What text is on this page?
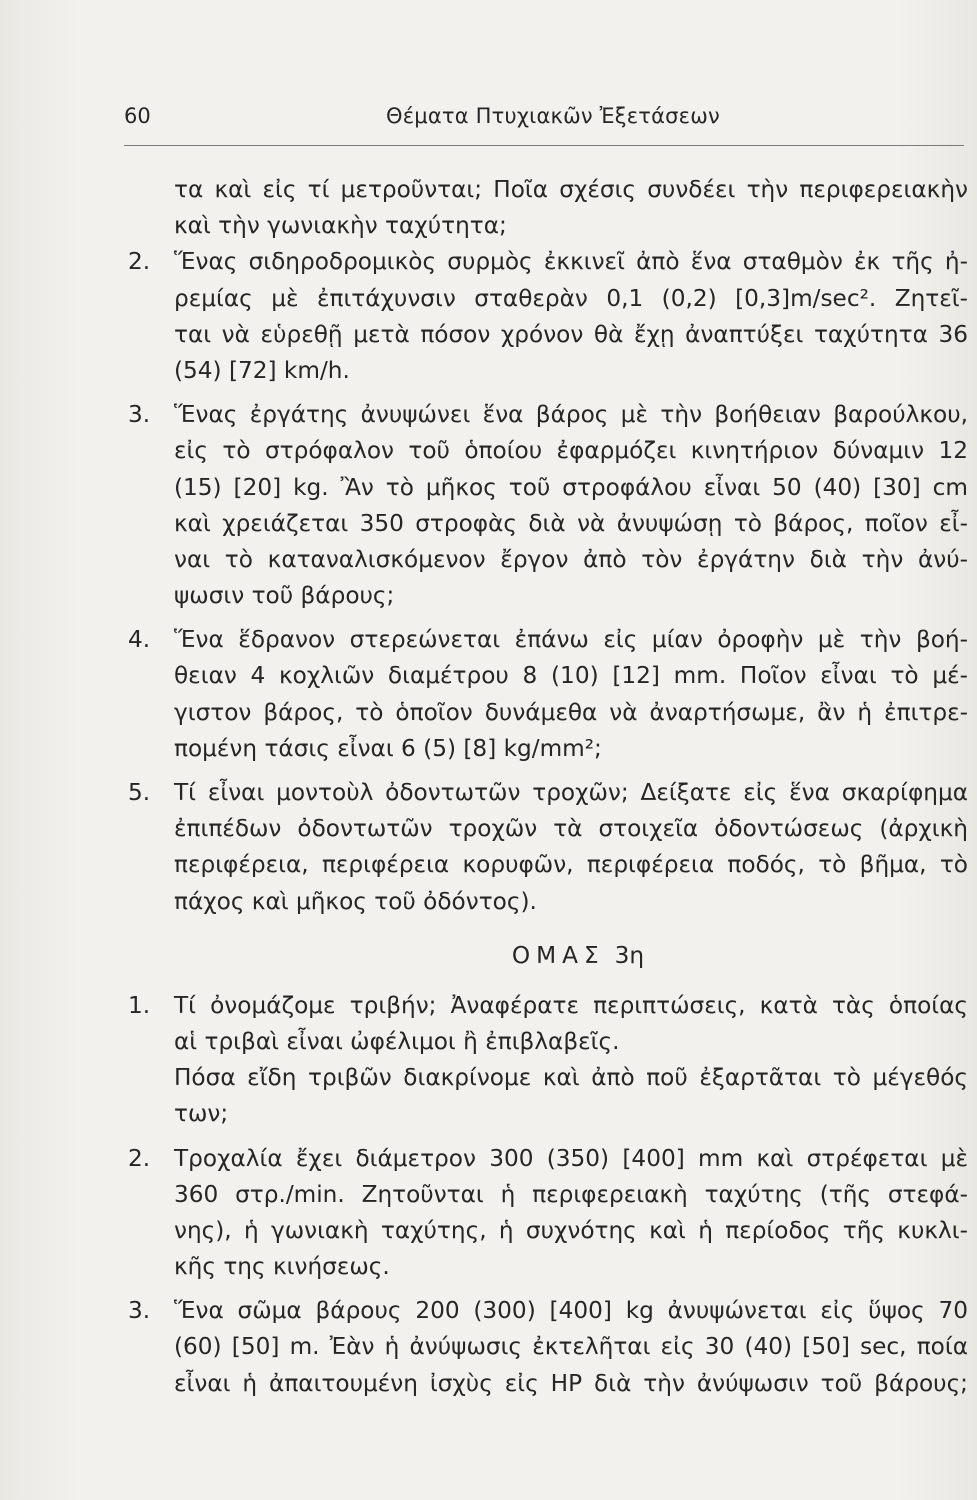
60	Θέματα Πτυχιακῶν Ἐξετάσεων
τα καὶ εἰς τί μετροῦνται; Ποῖα σχέσις συνδέει τὴν περιφερειακὴν
καὶ τὴν γωνιακὴν ταχύτητα;
2.	Ἕνας σιδηροδρομικὸς συρμὸς ἐκκινεῖ ἀπὸ ἕνα σταθμὸν ἐκ τῆς ἠ-
ρεμίας μὲ ἐπιτάχυνσιν σταθερὰν 0,1 (0,2) [0,3]m/sec². Ζητεῖ-
ται νὰ εὑρεθῇ μετὰ πόσον χρόνον θὰ ἔχῃ ἀναπτύξει ταχύτητα 36
(54) [72] km/h.
3.	Ἕνας ἐργάτης ἀνυψώνει ἕνα βάρος μὲ τὴν βοήθειαν βαρούλκου,
εἰς τὸ στρόφαλον τοῦ ὁποίου ἐφαρμόζει κινητήριον δύναμιν 12
(15) [20] kg. Ἂν τὸ μῆκος τοῦ στροφάλου εἶναι 50 (40) [30] cm
καὶ χρειάζεται 350 στροφὰς διὰ νὰ ἀνυψώσῃ τὸ βάρος, ποῖον εἶ-
ναι τὸ καταναλισκόμενον ἔργον ἀπὸ τὸν ἐργάτην διὰ τὴν ἀνύ-
ψωσιν τοῦ βάρους;
4.	Ἕνα ἕδρανον στερεώνεται ἐπάνω εἰς μίαν ὀροφὴν μὲ τὴν βοή-
θειαν 4 κοχλιῶν διαμέτρου 8 (10) [12] mm. Ποῖον εἶναι τὸ μέ-
γιστον βάρος, τὸ ὁποῖον δυνάμεθα νὰ ἀναρτήσωμε, ἂν ἡ ἐπιτρε-
πομένη τάσις εἶναι 6 (5) [8] kg/mm²;
5.	Τί εἶναι μοντοὺλ ὀδοντωτῶν τροχῶν; Δείξατε εἰς ἕνα σκαρίφημα
ἐπιπέδων ὀδοντωτῶν τροχῶν τὰ στοιχεῖα ὀδοντώσεως (ἀρχικὴ
περιφέρεια, περιφέρεια κορυφῶν, περιφέρεια ποδός, τὸ βῆμα, τὸ
πάχος καὶ μῆκος τοῦ ὀδόντος).
ΟΜΑΣ 3η
1.	Τί ὀνομάζομε τριβήν; Ἀναφέρατε περιπτώσεις, κατὰ τὰς ὁποίας
αἱ τριβαὶ εἶναι ὠφέλιμοι ἢ ἐπιβλαβεῖς.
Πόσα εἴδη τριβῶν διακρίνομε καὶ ἀπὸ ποῦ ἐξαρτᾶται τὸ μέγεθός
των;
2.	Τροχαλία ἔχει διάμετρον 300 (350) [400] mm καὶ στρέφεται μὲ
360 στρ./min. Ζητοῦνται ἡ περιφερειακὴ ταχύτης (τῆς στεφά-
νης), ἡ γωνιακὴ ταχύτης, ἡ συχνότης καὶ ἡ περίοδος τῆς κυκλι-
κῆς της κινήσεως.
3.	Ἕνα σῶμα βάρους 200 (300) [400] kg ἀνυψώνεται εἰς ὕψος 70
(60) [50] m. Ἐὰν ἡ ἀνύψωσις ἐκτελῆται εἰς 30 (40) [50] sec, ποία
εἶναι ἡ ἀπαιτουμένη ἰσχὺς εἰς HP διὰ τὴν ἀνύψωσιν τοῦ βάρους;
